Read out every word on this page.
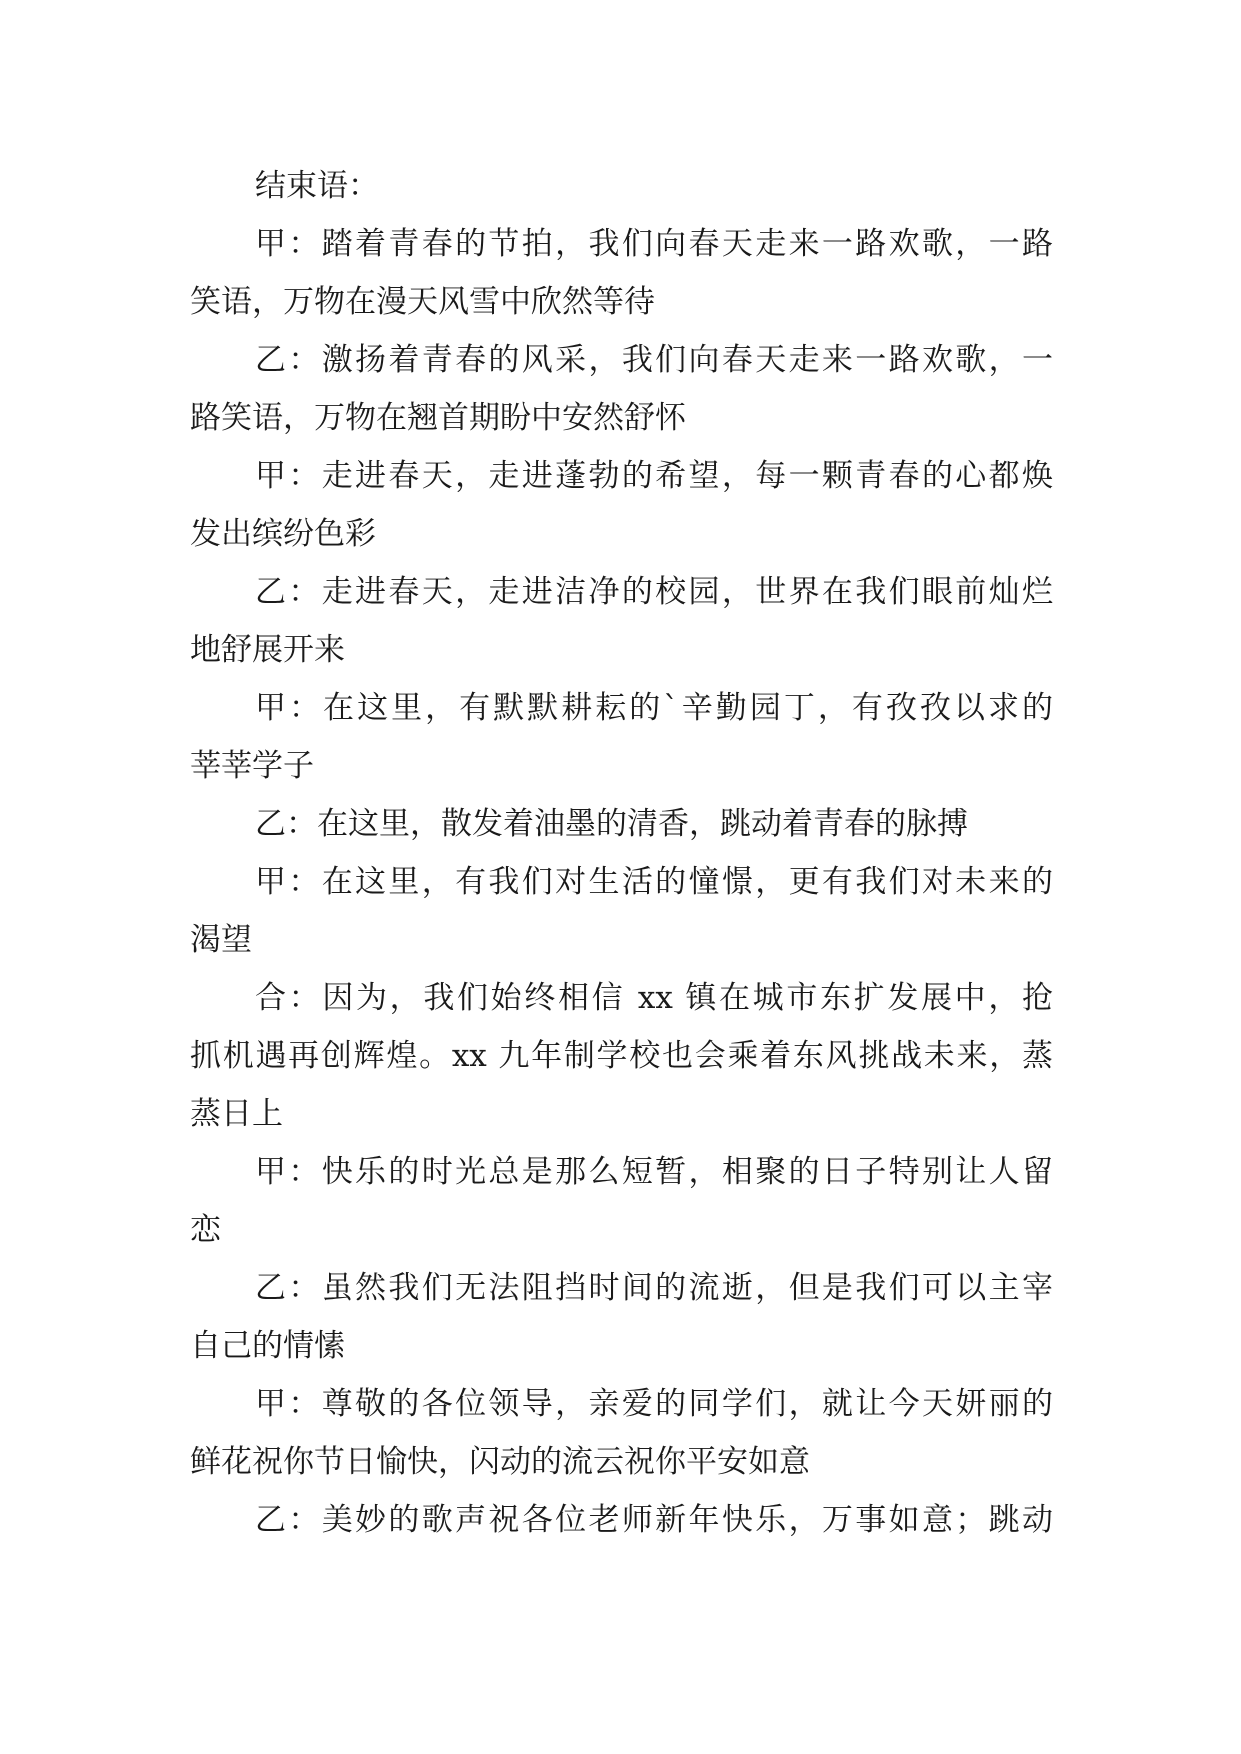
结束语：
甲：踏着青春的节拍，我们向春天走来一路欢歌，一路
笑语，万物在漫天风雪中欣然等待
乙：激扬着青春的风采，我们向春天走来一路欢歌，一
路笑语，万物在翘首期盼中安然舒怀
甲：走进春天，走进蓬勃的希望，每一颗青春的心都焕
发出缤纷色彩
乙：走进春天，走进洁净的校园，世界在我们眼前灿烂
地舒展开来
甲：在这里，有默默耕耘的`辛勤园丁，有孜孜以求的
莘莘学子
乙：在这里，散发着油墨的清香，跳动着青春的脉搏
甲：在这里，有我们对生活的憧憬，更有我们对未来的
渴望
合：因为，我们始终相信 xx 镇在城市东扩发展中，抢
抓机遇再创辉煌。xx 九年制学校也会乘着东风挑战未来，蒸
蒸日上
甲：快乐的时光总是那么短暂，相聚的日子特别让人留
恋
乙：虽然我们无法阻挡时间的流逝，但是我们可以主宰
自己的情愫
甲：尊敬的各位领导，亲爱的同学们，就让今天妍丽的
鲜花祝你节日愉快，闪动的流云祝你平安如意
乙：美妙的歌声祝各位老师新年快乐，万事如意；跳动
